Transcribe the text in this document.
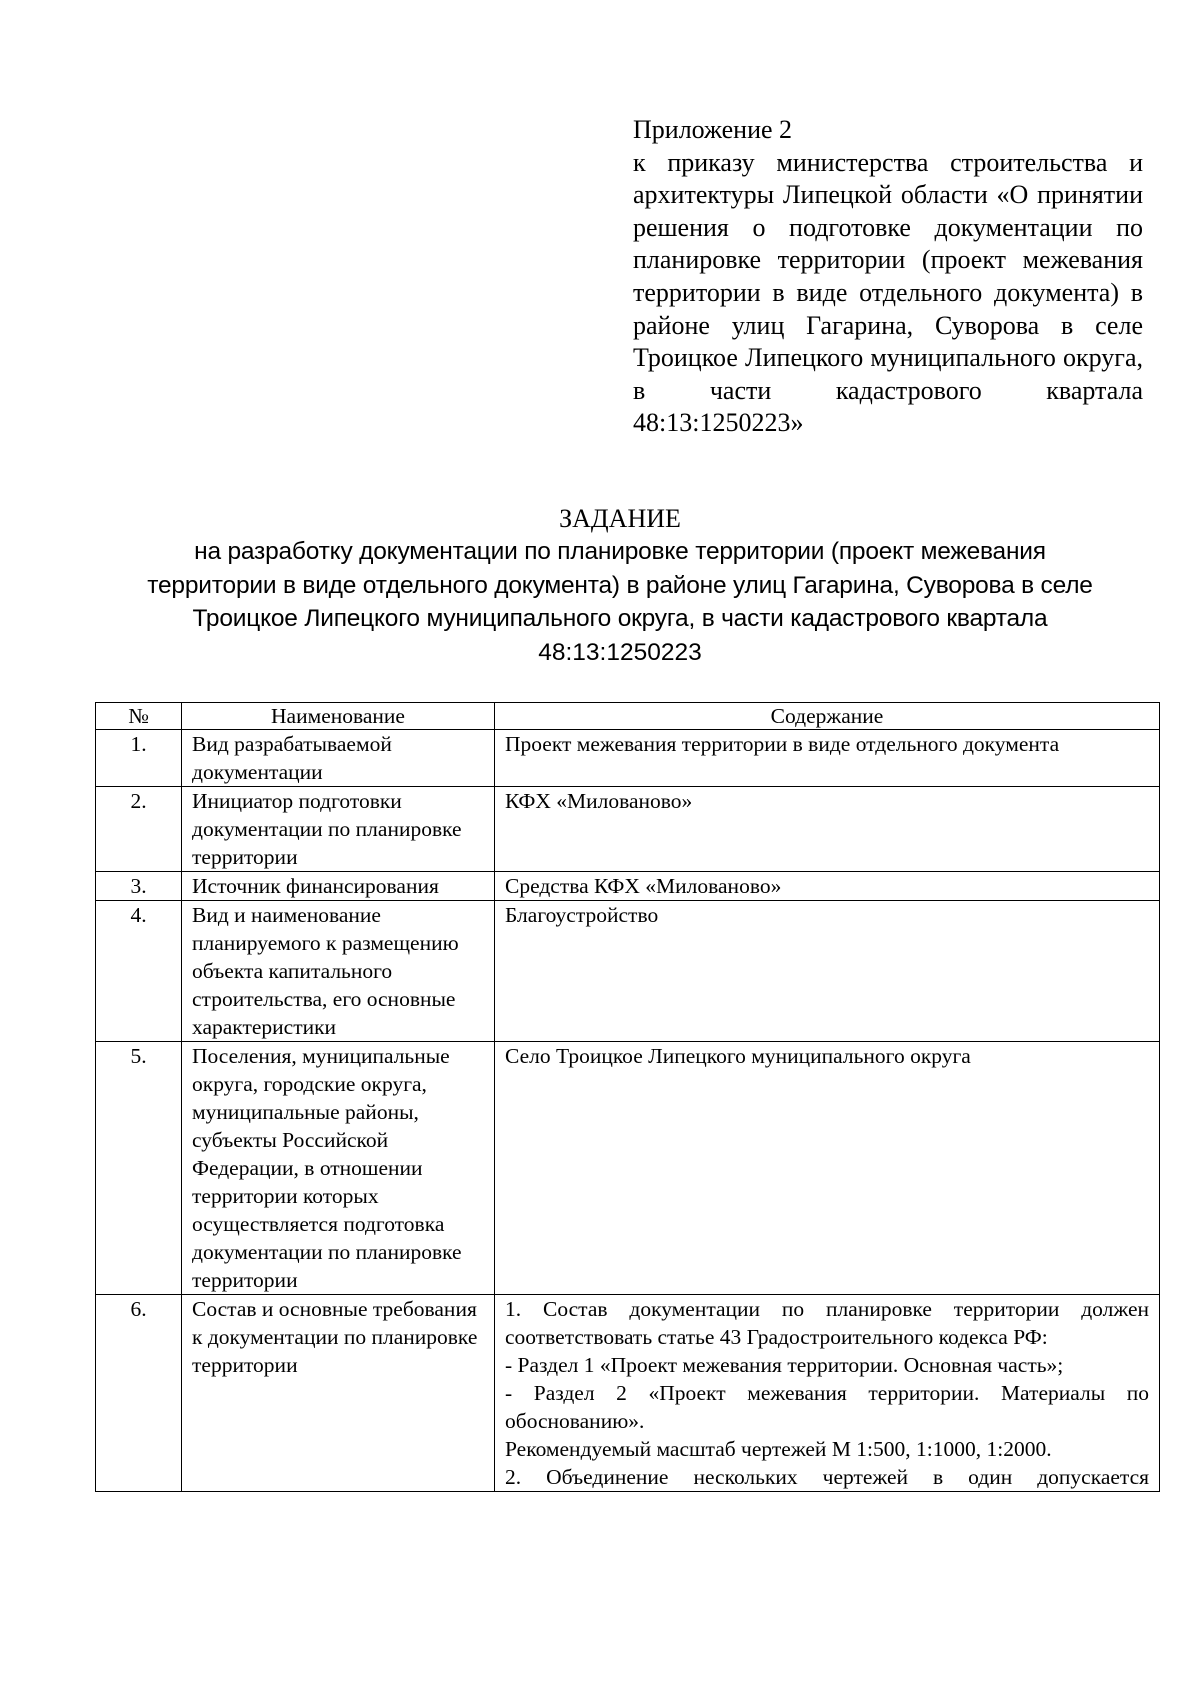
Приложение 2

к приказу министерства строительства и архитектуры Липецкой области «О принятии решения о подготовке документации по планировке территории (проект межевания территории в виде отдельного документа) в районе улиц Гагарина, Суворова в селе Троицкое Липецкого муниципального округа, в части кадастрового квартала 48:13:1250223»

ЗАДАНИЕ

на разработку документации по планировке территории (проект межевания

территории в виде отдельного документа) в районе улиц Гагарина, Суворова в селе

Троицкое Липецкого муниципального округа, в части кадастрового квартала

48:13:1250223

№	Наименование	Содержание
1.	Вид разрабатываемой документации	Проект межевания территории в виде отдельного документа
2.	Инициатор подготовки документации по планировке территории	КФХ «Милованово»
3.	Источник финансирования	Средства КФХ «Милованово»
4.	Вид и наименование планируемого к размещению объекта капитального строительства, его основные характеристики	Благоустройство
5.	Поселения, муниципальные округа, городские округа, муниципальные районы, субъекты Российской Федерации, в отношении территории которых осуществляется подготовка документации по планировке территории	Село Троицкое Липецкого муниципального округа
6.	Состав и основные требования к документации по планировке территории	1. Состав документации по планировке территории должен соответствовать статье 43 Градостроительного кодекса РФ:
- Раздел 1 «Проект межевания территории. Основная часть»;
- Раздел 2 «Проект межевания территории. Материалы по обоснованию».
Рекомендуемый масштаб чертежей М 1:500, 1:1000, 1:2000.
2. Объединение нескольких чертежей в один допускается
